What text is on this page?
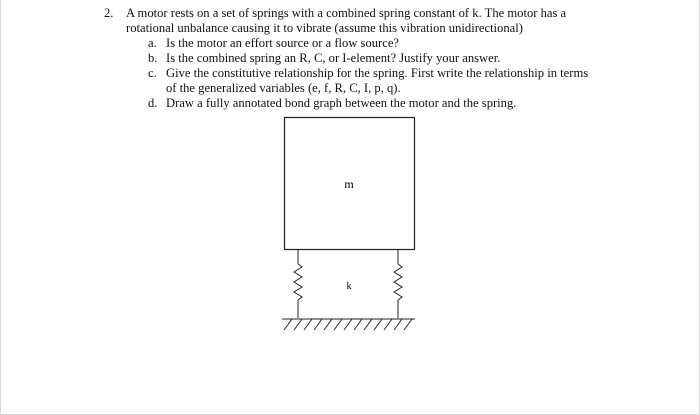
2. A motor rests on a set of springs with a combined spring constant of k. The motor has a
rotational unbalance causing it to vibrate (assume this vibration unidirectional)
a. Is the motor an effort source or a flow source?
b. Is the combined spring an R, C, or I-element? Justify your answer.
c. Give the constitutive relationship for the spring. First write the relationship in terms
of the generalized variables (e, f, R, C, I, p, q).
d. Draw a fully annotated bond graph between the motor and the spring.
m
k
